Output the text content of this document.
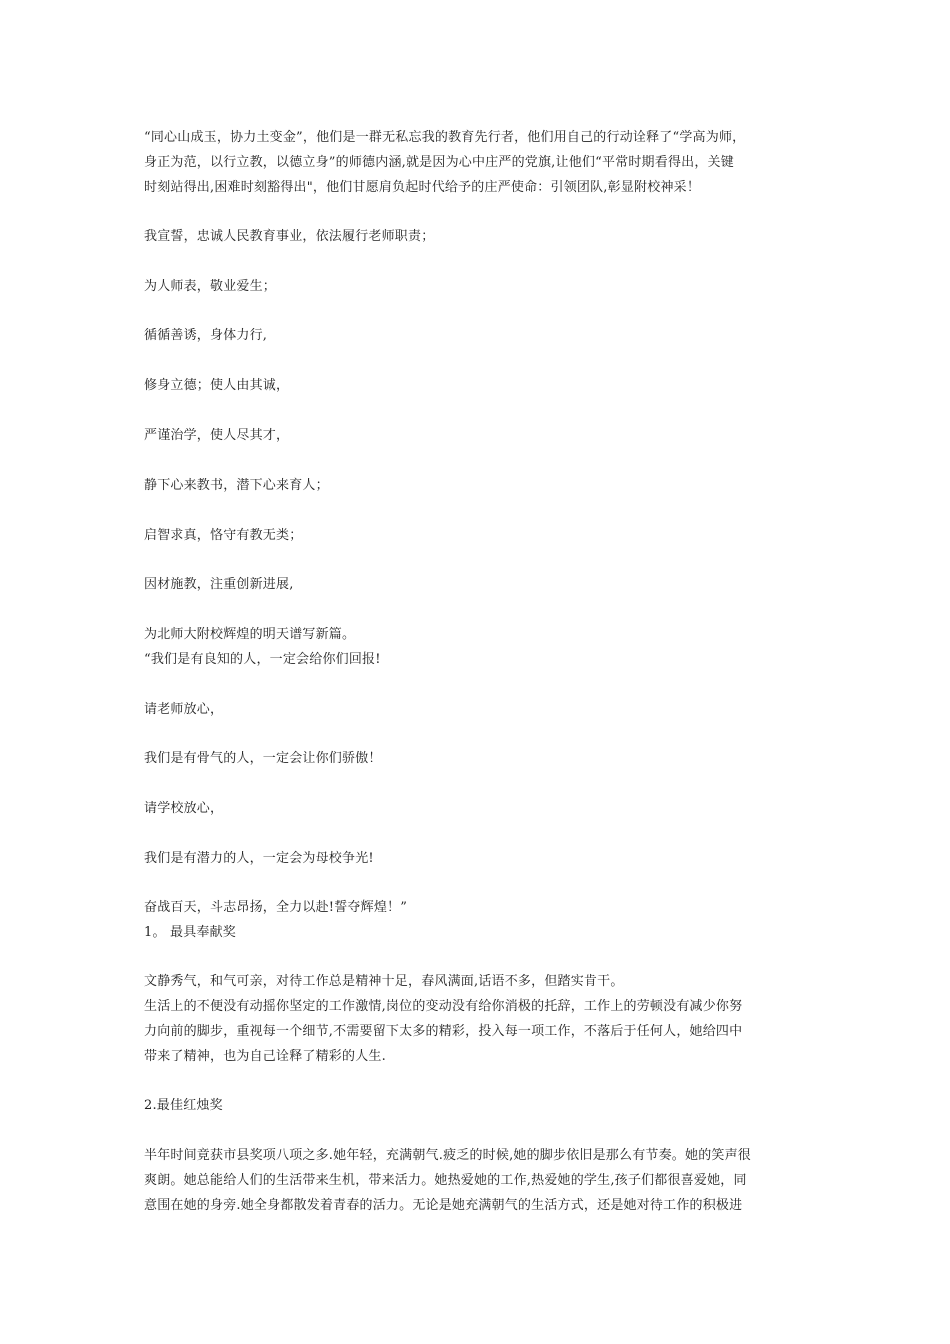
“同心山成玉，协力土变金”，他们是一群无私忘我的教育先行者，他们用自己的行动诠释了“学高为师，
身正为范，以行立教，以德立身”的师德内涵,就是因为心中庄严的党旗,让他们“平常时期看得出，关键
时刻站得出,困难时刻豁得出"，他们甘愿肩负起时代给予的庄严使命：引领团队,彰显附校神采！
我宣誓，忠诚人民教育事业，依法履行老师职责；
为人师表，敬业爱生；
循循善诱，身体力行,
修身立德；使人由其诚，
严谨治学，使人尽其才，
静下心来教书，潜下心来育人；
启智求真，恪守有教无类；
因材施教，注重创新进展,
为北师大附校辉煌的明天谱写新篇。
“我们是有良知的人，一定会给你们回报!
请老师放心，
我们是有骨气的人，一定会让你们骄傲！
请学校放心，
我们是有潜力的人，一定会为母校争光!
奋战百天，斗志昂扬，全力以赴!誓夺辉煌！”
1。 最具奉献奖
文静秀气，和气可亲，对待工作总是精神十足，春风满面,话语不多，但踏实肯干。
生活上的不便没有动摇你坚定的工作激情,岗位的变动没有给你消极的托辞，工作上的劳顿没有减少你努
力向前的脚步，重视每一个细节,不需要留下太多的精彩，投入每一项工作，不落后于任何人，她给四中
带来了精神，也为自己诠释了精彩的人生.
2.最佳红烛奖
半年时间竟获市县奖项八项之多.她年轻，充满朝气.疲乏的时候,她的脚步依旧是那么有节奏。她的笑声很
爽朗。她总能给人们的生活带来生机，带来活力。她热爱她的工作,热爱她的学生,孩子们都很喜爱她，同
意围在她的身旁.她全身都散发着青春的活力。无论是她充满朝气的生活方式，还是她对待工作的积极进
